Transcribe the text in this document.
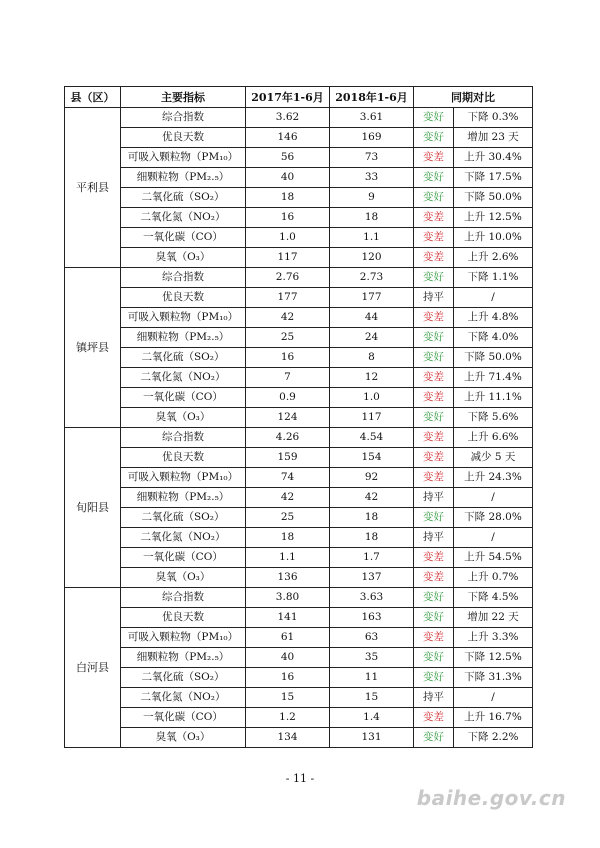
县（区）	主要指标	2017年1-6月	2018年1-6月	同期对比	
平利县	综合指数	3.62	3.61	变好	下降 0.3%
	优良天数	146	169	变好	增加 23 天
	可吸入颗粒物（PM₁₀）	56	73	变差	上升 30.4%
	细颗粒物（PM₂.₅）	40	33	变好	下降 17.5%
	二氧化硫（SO₂）	18	9	变好	下降 50.0%
	二氧化氮（NO₂）	16	18	变差	上升 12.5%
	一氧化碳（CO）	1.0	1.1	变差	上升 10.0%
	臭氧（O₃）	117	120	变差	上升 2.6%
镇坪县	综合指数	2.76	2.73	变好	下降 1.1%
	优良天数	177	177	持平	/
	可吸入颗粒物（PM₁₀）	42	44	变差	上升 4.8%
	细颗粒物（PM₂.₅）	25	24	变好	下降 4.0%
	二氧化硫（SO₂）	16	8	变好	下降 50.0%
	二氧化氮（NO₂）	7	12	变差	上升 71.4%
	一氧化碳（CO）	0.9	1.0	变差	上升 11.1%
	臭氧（O₃）	124	117	变好	下降 5.6%
旬阳县	综合指数	4.26	4.54	变差	上升 6.6%
	优良天数	159	154	变差	减少 5 天
	可吸入颗粒物（PM₁₀）	74	92	变差	上升 24.3%
	细颗粒物（PM₂.₅）	42	42	持平	/
	二氧化硫（SO₂）	25	18	变好	下降 28.0%
	二氧化氮（NO₂）	18	18	持平	/
	一氧化碳（CO）	1.1	1.7	变差	上升 54.5%
	臭氧（O₃）	136	137	变差	上升 0.7%
白河县	综合指数	3.80	3.63	变好	下降 4.5%
	优良天数	141	163	变好	增加 22 天
	可吸入颗粒物（PM₁₀）	61	63	变差	上升 3.3%
	细颗粒物（PM₂.₅）	40	35	变好	下降 12.5%
	二氧化硫（SO₂）	16	11	变好	下降 31.3%
	二氧化氮（NO₂）	15	15	持平	/
	一氧化碳（CO）	1.2	1.4	变差	上升 16.7%
	臭氧（O₃）	134	131	变好	下降 2.2%
- 11 -
baihe.gov.cn
